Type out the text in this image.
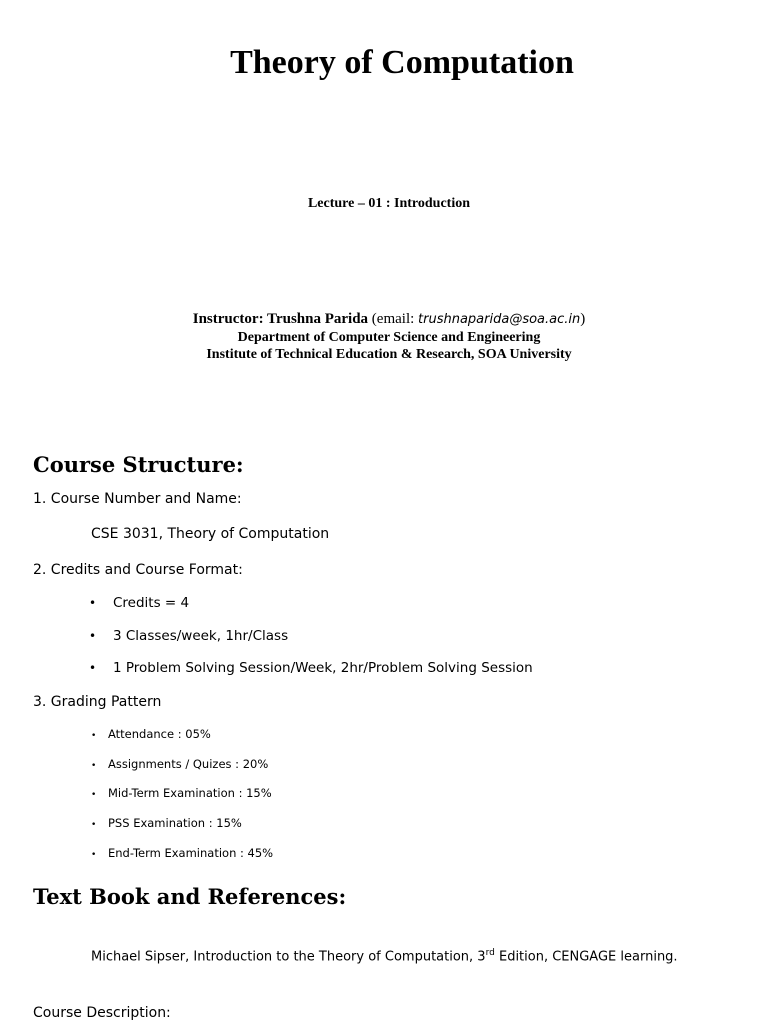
Theory of Computation
Lecture – 01 : Introduction
Instructor: Trushna Parida (email: trushnaparida@soa.ac.in)
Department of Computer Science and Engineering
Institute of Technical Education & Research, SOA University
Course Structure:
1. Course Number and Name:
CSE 3031, Theory of Computation
2. Credits and Course Format:
• Credits = 4
• 3 Classes/week, 1hr/Class
• 1 Problem Solving Session/Week, 2hr/Problem Solving Session
3. Grading Pattern
• Attendance : 05%
• Assignments / Quizes : 20%
• Mid-Term Examination : 15%
• PSS Examination : 15%
• End-Term Examination : 45%
Text Book and References:
Michael Sipser, Introduction to the Theory of Computation, 3rd Edition, CENGAGE learning.
Course Description:
